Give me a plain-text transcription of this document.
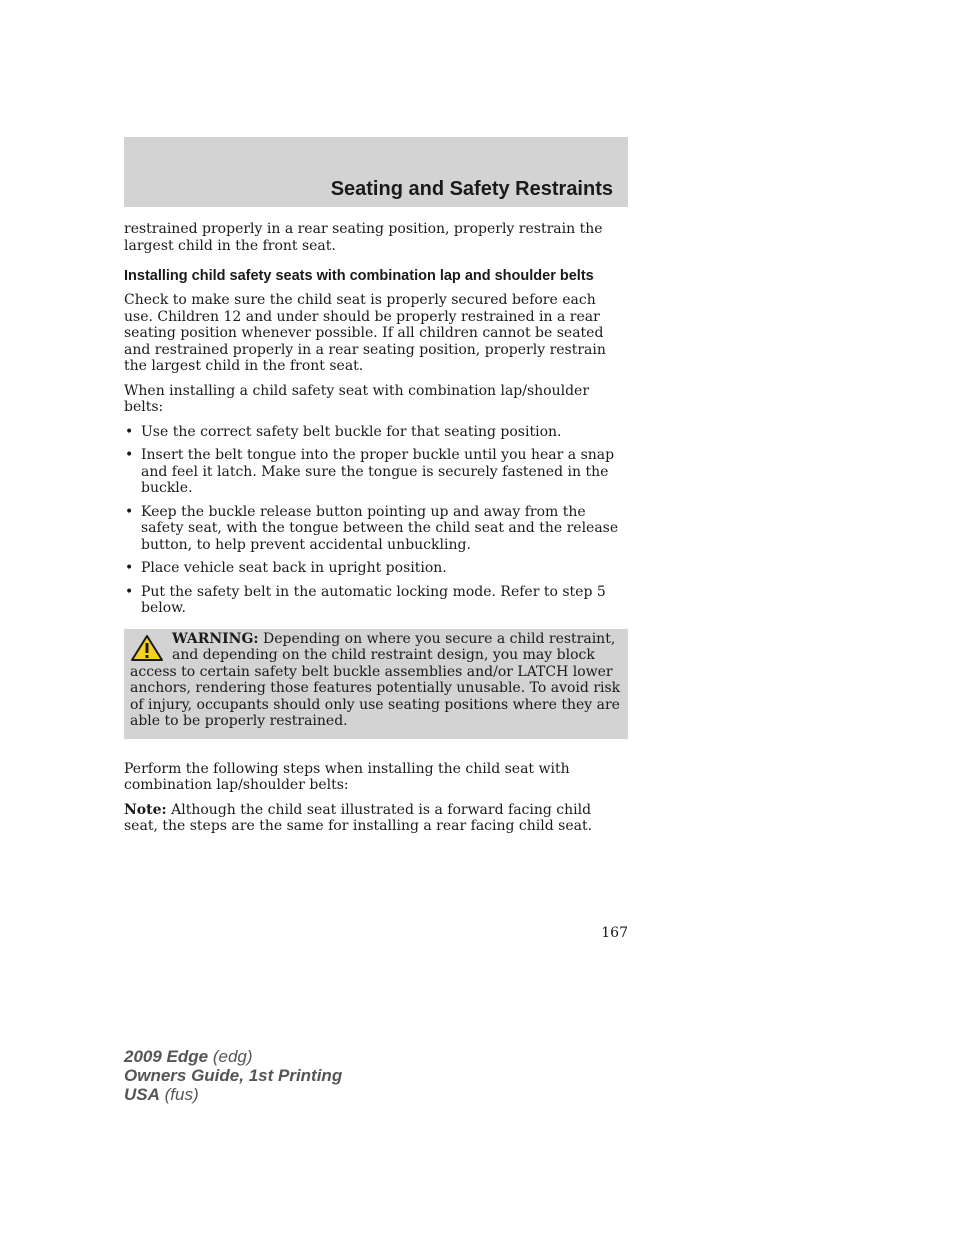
Seating and Safety Restraints

restrained properly in a rear seating position, properly restrain the largest child in the front seat.

Installing child safety seats with combination lap and shoulder belts

Check to make sure the child seat is properly secured before each use. Children 12 and under should be properly restrained in a rear seating position whenever possible. If all children cannot be seated and restrained properly in a rear seating position, properly restrain the largest child in the front seat.

When installing a child safety seat with combination lap/shoulder belts:

• Use the correct safety belt buckle for that seating position.
• Insert the belt tongue into the proper buckle until you hear a snap and feel it latch. Make sure the tongue is securely fastened in the buckle.
• Keep the buckle release button pointing up and away from the safety seat, with the tongue between the child seat and the release button, to help prevent accidental unbuckling.
• Place vehicle seat back in upright position.
• Put the safety belt in the automatic locking mode. Refer to step 5 below.
WARNING: Depending on where you secure a child restraint, and depending on the child restraint design, you may block access to certain safety belt buckle assemblies and/or LATCH lower anchors, rendering those features potentially unusable. To avoid risk of injury, occupants should only use seating positions where they are able to be properly restrained.

Perform the following steps when installing the child seat with combination lap/shoulder belts:

Note: Although the child seat illustrated is a forward facing child seat, the steps are the same for installing a rear facing child seat.

167
2009 Edge (edg)
Owners Guide, 1st Printing
USA (fus)
